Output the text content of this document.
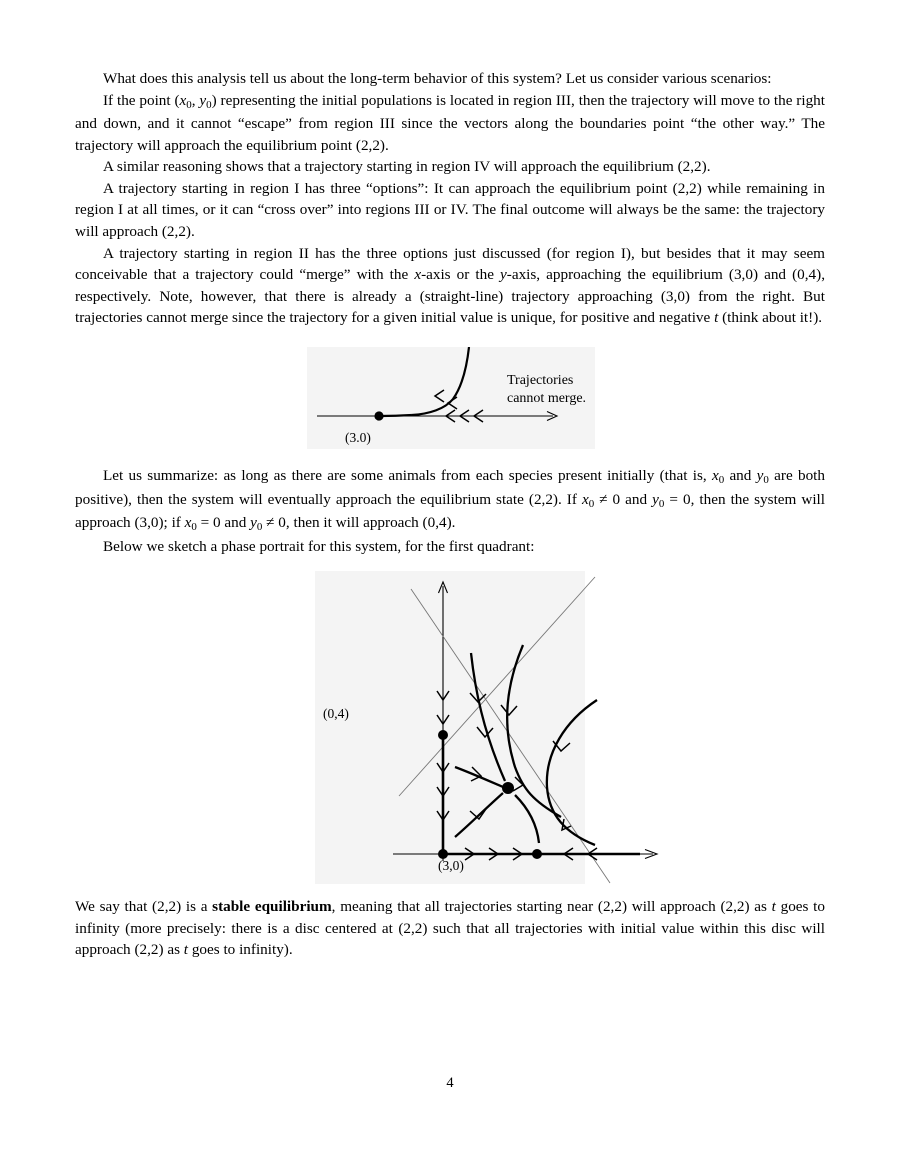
What does this analysis tell us about the long-term behavior of this system? Let us consider various scenarios:

If the point ($x_0$, $y_0$) representing the initial populations is located in region III, then the trajectory will move to the right and down, and it cannot “escape” from region III since the vectors along the boundaries point “the other way.” The trajectory will approach the equilibrium point (2,2).

A similar reasoning shows that a trajectory starting in region IV will approach the equilibrium (2,2).

A trajectory starting in region I has three “options”: It can approach the equilibrium point (2,2) while remaining in region I at all times, or it can “cross over” into regions III or IV. The final outcome will always be the same: the trajectory will approach (2,2).

A trajectory starting in region II has the three options just discussed (for region I), but besides that it may seem conceivable that a trajectory could “merge” with the x-axis or the y-axis, approaching the equilibrium (3,0) and (0,4), respectively. Note, however, that there is already a (straight-line) trajectory approaching (3,0) from the right. But trajectories cannot merge since the trajectory for a given initial value is unique, for positive and negative t (think about it!).

(3.0)
Trajectories
cannot merge.

Let us summarize: as long as there are some animals from each species present initially (that is, $x_0$ and $y_0$ are both positive), then the system will eventually approach the equilibrium state (2,2). If $x_0 \ne 0$ and $y_0 = 0$, then the system will approach (3,0); if $x_0 = 0$ and $y_0 \ne 0$, then it will approach (0,4).

Below we sketch a phase portrait for this system, for the first quadrant:

(0,4)
(3,0)

We say that (2,2) is a stable equilibrium, meaning that all trajectories starting near (2,2) will approach (2,2) as t goes to infinity (more precisely: there is a disc centered at (2,2) such that all trajectories with initial value within this disc will approach (2,2) as t goes to infinity).

4
